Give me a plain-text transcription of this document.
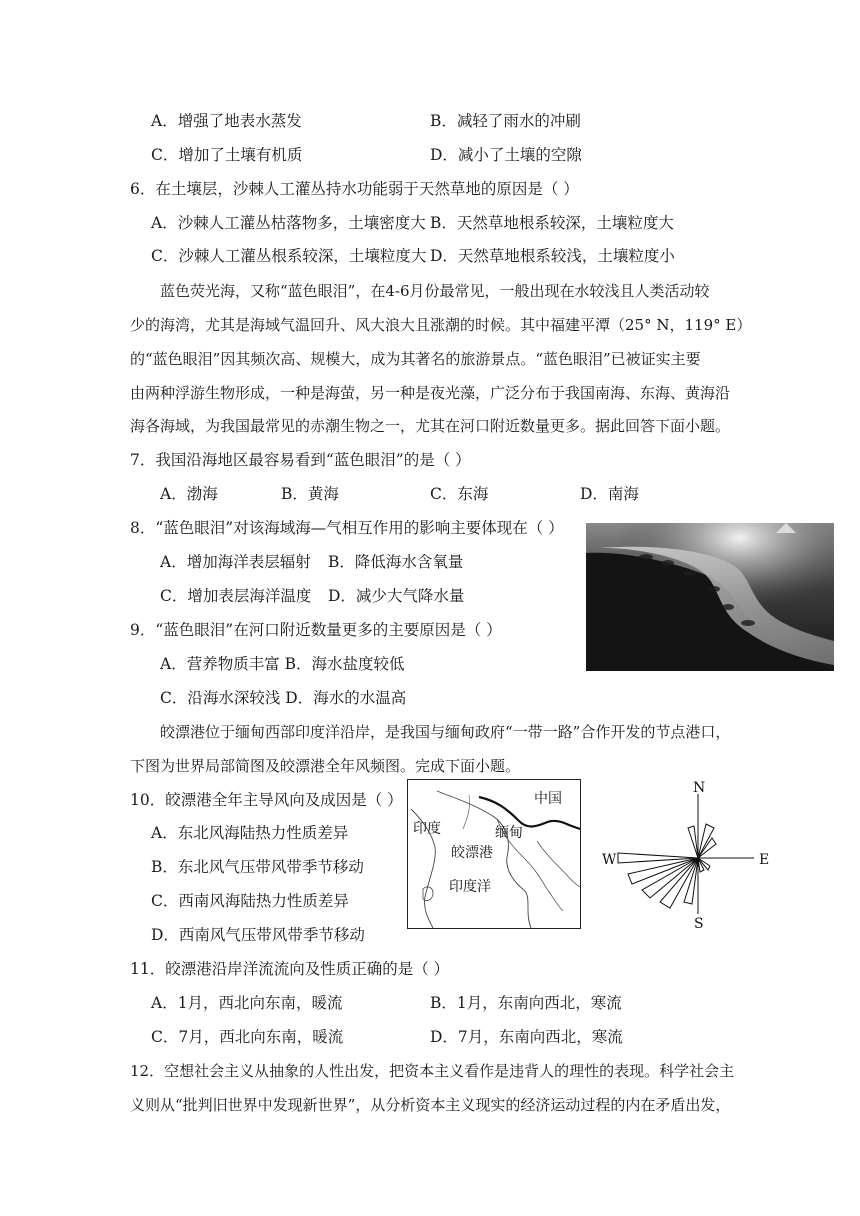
A．增强了地表水蒸发	B．减轻了雨水的冲刷
C．增加了土壤有机质	D．减小了土壤的空隙
6．在土壤层，沙棘人工灌丛持水功能弱于天然草地的原因是（ ）
A．沙棘人工灌丛枯落物多，土壤密度大 B．天然草地根系较深，土壤粒度大
C．沙棘人工灌丛根系较深，土壤粒度大 D．天然草地根系较浅，土壤粒度小
蓝色荧光海，又称“蓝色眼泪”，在4-6月份最常见，一般出现在水较浅且人类活动较
少的海湾，尤其是海域气温回升、风大浪大且涨潮的时候。其中福建平潭（25° N，119° E）
的“蓝色眼泪”因其频次高、规模大，成为其著名的旅游景点。“蓝色眼泪”已被证实主要
由两种浮游生物形成，一种是海萤，另一种是夜光藻，广泛分布于我国南海、东海、黄海沿
海各海域，为我国最常见的赤潮生物之一，尤其在河口附近数量更多。据此回答下面小题。
7．我国沿海地区最容易看到“蓝色眼泪”的是（ ）
A．渤海	B．黄海	C．东海	D．南海
8．“蓝色眼泪”对该海域海—气相互作用的影响主要体现在（ ）
A．增加海洋表层辐射 B．降低海水含氧量
C．增加表层海洋温度 D．减少大气降水量
9．“蓝色眼泪”在河口附近数量更多的主要原因是（ ）
A．营养物质丰富 B．海水盐度较低
C．沿海水深较浅 D．海水的水温高
皎漂港位于缅甸西部印度洋沿岸，是我国与缅甸政府“一带一路”合作开发的节点港口，
下图为世界局部简图及皎漂港全年风频图。完成下面小题。
10．皎漂港全年主导风向及成因是（ ）
A．东北风海陆热力性质差异
B．东北风气压带风带季节移动
C．西南风海陆热力性质差异
D．西南风气压带风带季节移动
中国
印度	缅甸
皎漂港
印度洋
N
S
E
W
11．皎漂港沿岸洋流流向及性质正确的是（ ）
A．1月，西北向东南，暖流	B．1月，东南向西北，寒流
C．7月，西北向东南，暖流	D．7月，东南向西北，寒流
12．空想社会主义从抽象的人性出发，把资本主义看作是违背人的理性的表现。科学社会主
义则从“批判旧世界中发现新世界”，从分析资本主义现实的经济运动过程的内在矛盾出发，
